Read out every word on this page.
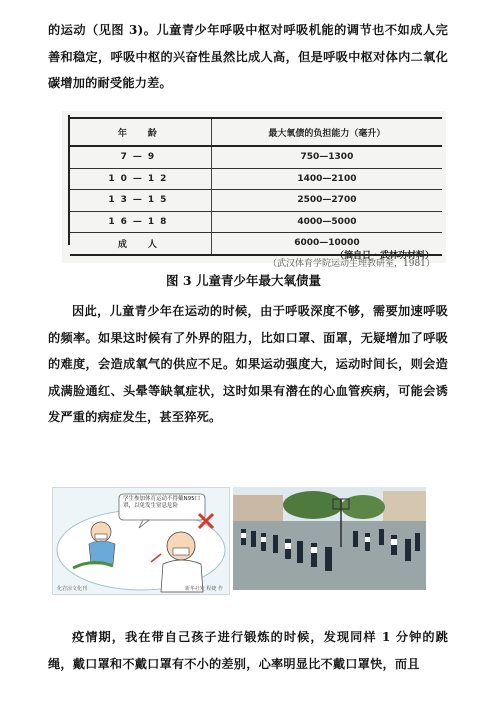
的运动（见图 3)。儿童青少年呼吸中枢对呼吸机能的调节也不如成人完善和稳定，呼吸中枢的兴奋性虽然比成人高，但是呼吸中枢对体内二氧化碳增加的耐受能力差。
年　龄	最大氧债的负担能力（毫升）
7—9	750—1300
10—12	1400—2100
13—15	2500—2700
16—18	4000—5000
成　人	6000—10000
（摘自日・武林功材料）
（武汉体育学院运动生理教研室，1981）
图 3 儿童青少年最大氧债量
因此，儿童青少年在运动的时候，由于呼吸深度不够，需要加速呼吸的频率。如果这时候有了外界的阻力，比如口罩、面罩，无疑增加了呼吸的难度，会造成氧气的供应不足。如果运动强度大，运动时间长，则会造成满脸通红、头晕等缺氧症状，这时如果有潜在的心血管疾病，可能会诱发严重的病症发生，甚至猝死。
学生参加体育运动不得戴N95口罩，以免发生窒息危险
化岩凉文化刊	新华社发 程婕 作
疫情期，我在带自己孩子进行锻炼的时候，发现同样 1 分钟的跳绳，戴口罩和不戴口罩有不小的差别，心率明显比不戴口罩快，而且
